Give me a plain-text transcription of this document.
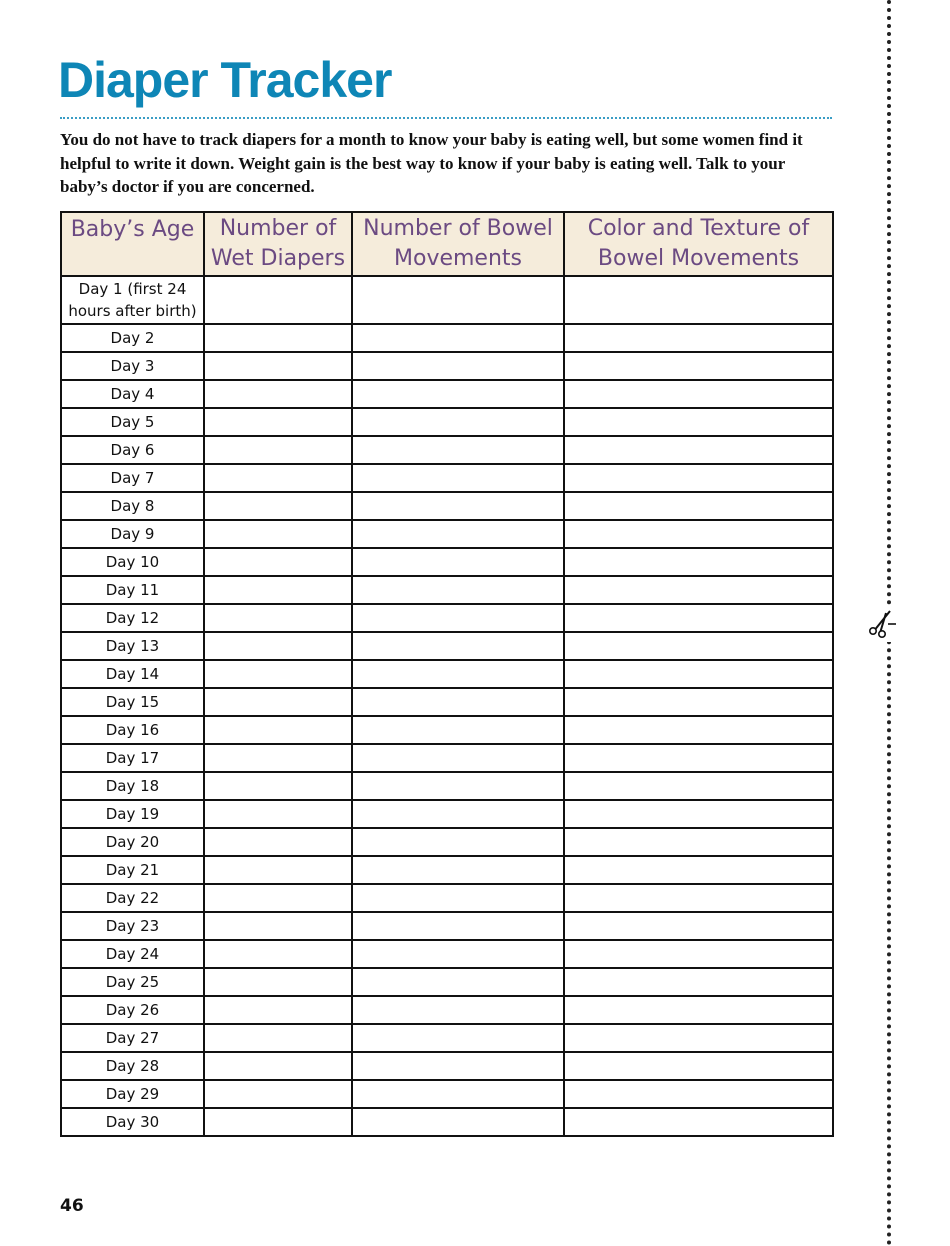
Diaper Tracker

You do not have to track diapers for a month to know your baby is eating well, but some women find it helpful to write it down. Weight gain is the best way to know if your baby is eating well. Talk to your baby’s doctor if you are concerned.

Baby’s Age	Number of Wet Diapers	Number of Bowel Movements	Color and Texture of Bowel Movements
Day 1 (first 24 hours after birth)			
Day 2			
Day 3			
Day 4			
Day 5			
Day 6			
Day 7			
Day 8			
Day 9			
Day 10			
Day 11			
Day 12			
Day 13			
Day 14			
Day 15			
Day 16			
Day 17			
Day 18			
Day 19			
Day 20			
Day 21			
Day 22			
Day 23			
Day 24			
Day 25			
Day 26			
Day 27			
Day 28			
Day 29			
Day 30			
46
